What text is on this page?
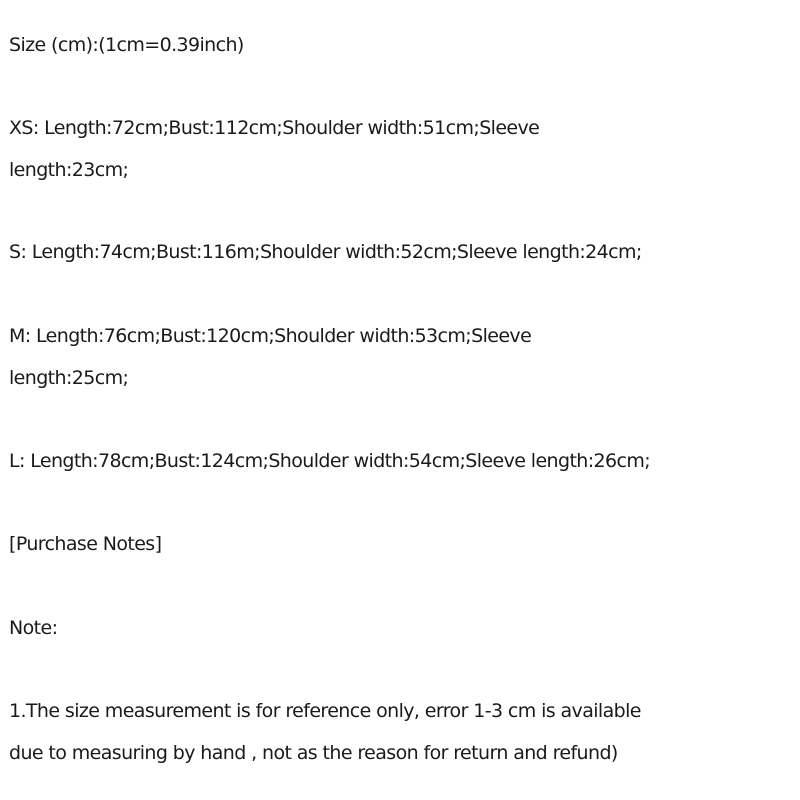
Size (cm):(1cm=0.39inch)
XS: Length:72cm;Bust:112cm;Shoulder width:51cm;Sleeve
length:23cm;
S: Length:74cm;Bust:116m;Shoulder width:52cm;Sleeve length:24cm;
M: Length:76cm;Bust:120cm;Shoulder width:53cm;Sleeve
length:25cm;
L: Length:78cm;Bust:124cm;Shoulder width:54cm;Sleeve length:26cm;
[Purchase Notes]
Note:
1.The size measurement is for reference only, error 1-3 cm is available
due to measuring by hand , not as the reason for return and refund)
